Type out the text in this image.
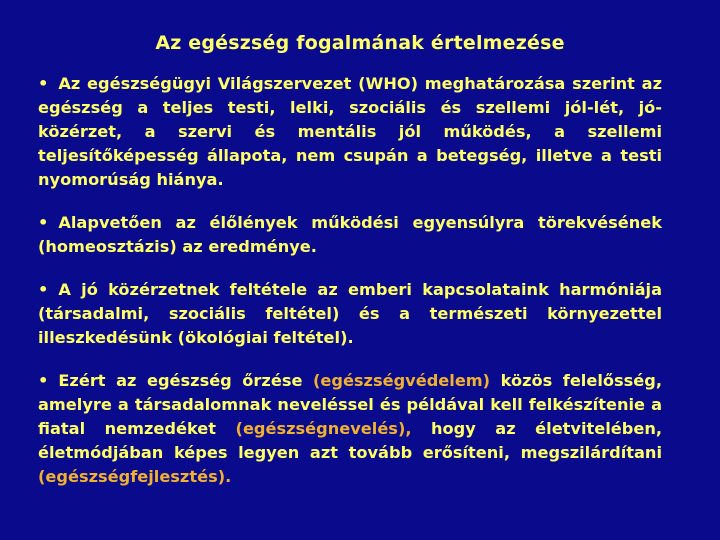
Az egészség fogalmának értelmezése
• Az egészségügyi Világszervezet (WHO) meghatározása szerint az egészség a teljes testi, lelki, szociális és szellemi jól-lét, jó-közérzet, a szervi és mentális jól működés, a szellemi teljesítőképesség állapota, nem csupán a betegség, illetve a testi nyomorúság hiánya.
• Alapvetően az élőlények működési egyensúlyra törekvésének (homeosztázis) az eredménye.
• A jó közérzetnek feltétele az emberi kapcsolataink harmóniája (társadalmi, szociális feltétel) és a természeti környezettel illeszkedésünk (ökológiai feltétel).
• Ezért az egészség őrzése (egészségvédelem) közös felelősség, amelyre a társadalomnak neveléssel és példával kell felkészítenie a fiatal nemzedéket (egészségnevelés), hogy az életvitelében, életmódjában képes legyen azt tovább erősíteni, megszilárdítani (egészségfejlesztés).
